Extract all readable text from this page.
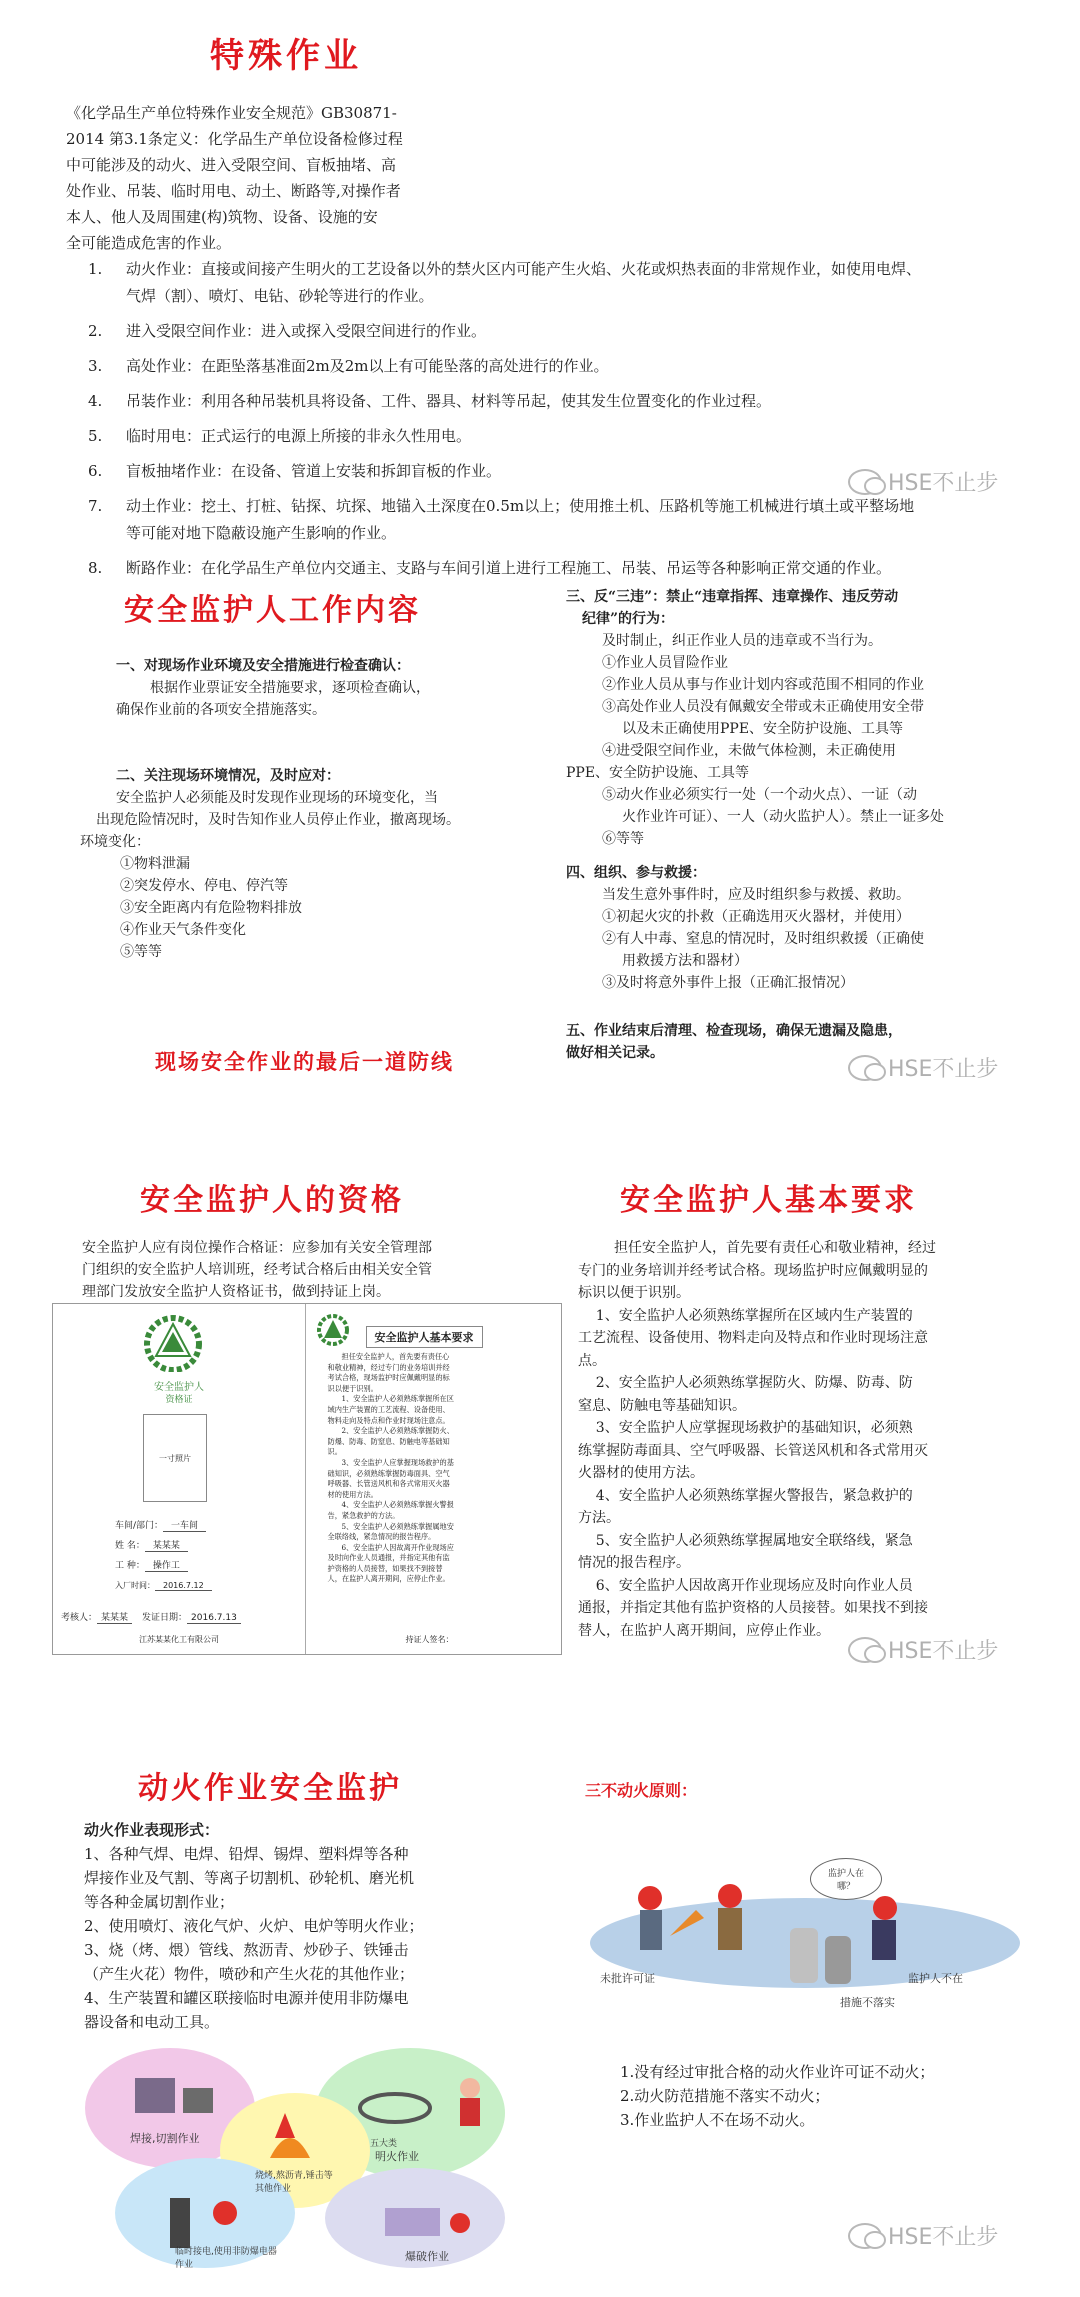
特殊作业

《化学品生产单位特殊作业安全规范》GB30871-

2014 第3.1条定义：化学品生产单位设备检修过程

中可能涉及的动火、进入受限空间、盲板抽堵、高

处作业、吊装、临时用电、动土、断路等,对操作者

本人、他人及周围建(构)筑物、设备、设施的安

全可能造成危害的作业。

1.	动火作业：直接或间接产生明火的工艺设备以外的禁火区内可能产生火焰、火花或炽热表面的非常规作业，如使用电焊、

气焊（割）、喷灯、电钻、砂轮等进行的作业。

2.	进入受限空间作业：进入或探入受限空间进行的作业。

3.	高处作业：在距坠落基准面2m及2m以上有可能坠落的高处进行的作业。

4.	吊装作业：利用各种吊装机具将设备、工件、器具、材料等吊起，使其发生位置变化的作业过程。

5.	临时用电：正式运行的电源上所接的非永久性用电。

6.	盲板抽堵作业：在设备、管道上安装和拆卸盲板的作业。

7.	动土作业：挖土、打桩、钻探、坑探、地锚入土深度在0.5m以上；使用推土机、压路机等施工机械进行填土或平整场地

等可能对地下隐蔽设施产生影响的作业。

8.	断路作业：在化学品生产单位内交通主、支路与车间引道上进行工程施工、吊装、吊运等各种影响正常交通的作业。

HSE不止步
安全监护人工作内容

一、对现场作业环境及安全措施进行检查确认：

根据作业票证安全措施要求，逐项检查确认，

确保作业前的各项安全措施落实。

二、关注现场环境情况，及时应对：

安全监护人必须能及时发现作业现场的环境变化，当

出现危险情况时，及时告知作业人员停止作业，撤离现场。

环境变化：

①物料泄漏

②突发停水、停电、停汽等

③安全距离内有危险物料排放

④作业天气条件变化

⑤等等

三、反“三违”：禁止“违章指挥、违章操作、违反劳动

纪律”的行为：

及时制止，纠正作业人员的违章或不当行为。

①作业人员冒险作业

②作业人员从事与作业计划内容或范围不相同的作业

③高处作业人员没有佩戴安全带或未正确使用安全带

以及未正确使用PPE、安全防护设施、工具等

④进受限空间作业，未做气体检测，未正确使用

PPE、安全防护设施、工具等

⑤动火作业必须实行一处（一个动火点）、一证（动

火作业许可证）、一人（动火监护人）。禁止一证多处

⑥等等

四、组织、参与救援：

当发生意外事件时，应及时组织参与救援、救助。

①初起火灾的扑救（正确选用灭火器材，并使用）

②有人中毒、窒息的情况时，及时组织救援（正确使

用救援方法和器材）

③及时将意外事件上报（正确汇报情况）

五、作业结束后清理、检查现场，确保无遗漏及隐患，

做好相关记录。

现场安全作业的最后一道防线	HSE不止步
安全监护人的资格	安全监护人基本要求

安全监护人应有岗位操作合格证：应参加有关安全管理部

门组织的安全监护人培训班，经考试合格后由相关安全管

理部门发放安全监护人资格证书，做到持证上岗。

安全监护人
资格证
一寸照片
车间/部门： 一车间
姓 名： 某某某
工 种： 操作工
入厂时间： 2016.7.12
考核人： 某某某 发证日期： 2016.7.13
江苏某某化工有限公司
安全监护人基本要求
担任安全监护人，首先要有责任心
和敬业精神，经过专门的业务培训并经
考试合格，现场监护时应佩戴明显的标
识以便于识别。
1、安全监护人必须熟练掌握所在区
域内生产装置的工艺流程、设备使用、
物料走向及特点和作业时现场注意点。
2、安全监护人必须熟练掌握防火、
防爆、防毒、防窒息、防触电等基础知
识。
3、安全监护人应掌握现场救护的基
础知识，必须熟练掌握防毒面具、空气
呼吸器、长管送风机和各式常用灭火器
材的使用方法。
4、安全监护人必须熟练掌握火警报
告，紧急救护的方法。
5、安全监护人必须熟练掌握属地安
全联络线，紧急情况的报告程序。
6、安全监护人因故离开作业现场应
及时向作业人员通报，并指定其他有监
护资格的人员接替，如果找不到接替
人，在监护人离开期间，应停止作业。
持证人签名：

担任安全监护人，首先要有责任心和敬业精神，经过

专门的业务培训并经考试合格。现场监护时应佩戴明显的

标识以便于识别。

1、安全监护人必须熟练掌握所在区域内生产装置的

工艺流程、设备使用、物料走向及特点和作业时现场注意

点。

2、安全监护人必须熟练掌握防火、防爆、防毒、防

窒息、防触电等基础知识。

3、安全监护人应掌握现场救护的基础知识，必须熟

练掌握防毒面具、空气呼吸器、长管送风机和各式常用灭

火器材的使用方法。

4、安全监护人必须熟练掌握火警报告，紧急救护的

方法。

5、安全监护人必须熟练掌握属地安全联络线，紧急

情况的报告程序。

6、安全监护人因故离开作业现场应及时向作业人员

通报，并指定其他有监护资格的人员接替。如果找不到接

替人，在监护人离开期间，应停止作业。

HSE不止步
动火作业安全监护

动火作业表现形式：

1、各种气焊、电焊、铅焊、锡焊、塑料焊等各种

焊接作业及气割、等离子切割机、砂轮机、磨光机

等各种金属切割作业；

2、使用喷灯、液化气炉、火炉、电炉等明火作业；

3、烧（烤、煨）管线、熬沥青、炒砂子、铁锤击

（产生火花）物件，喷砂和产生火花的其他作业；

4、生产装置和罐区联接临时电源并使用非防爆电

器设备和电动工具。

焊接,切割作业
明火作业
烧烤,熬沥青,锤击等其他作业
五大类
临时接电,使用非防爆电器作业
爆破作业
三不动火原则：
监护人在哪？
未批许可证	监护人不在
措施不落实

1.没有经过审批合格的动火作业许可证不动火；

2.动火防范措施不落实不动火；

3.作业监护人不在场不动火。

HSE不止步
